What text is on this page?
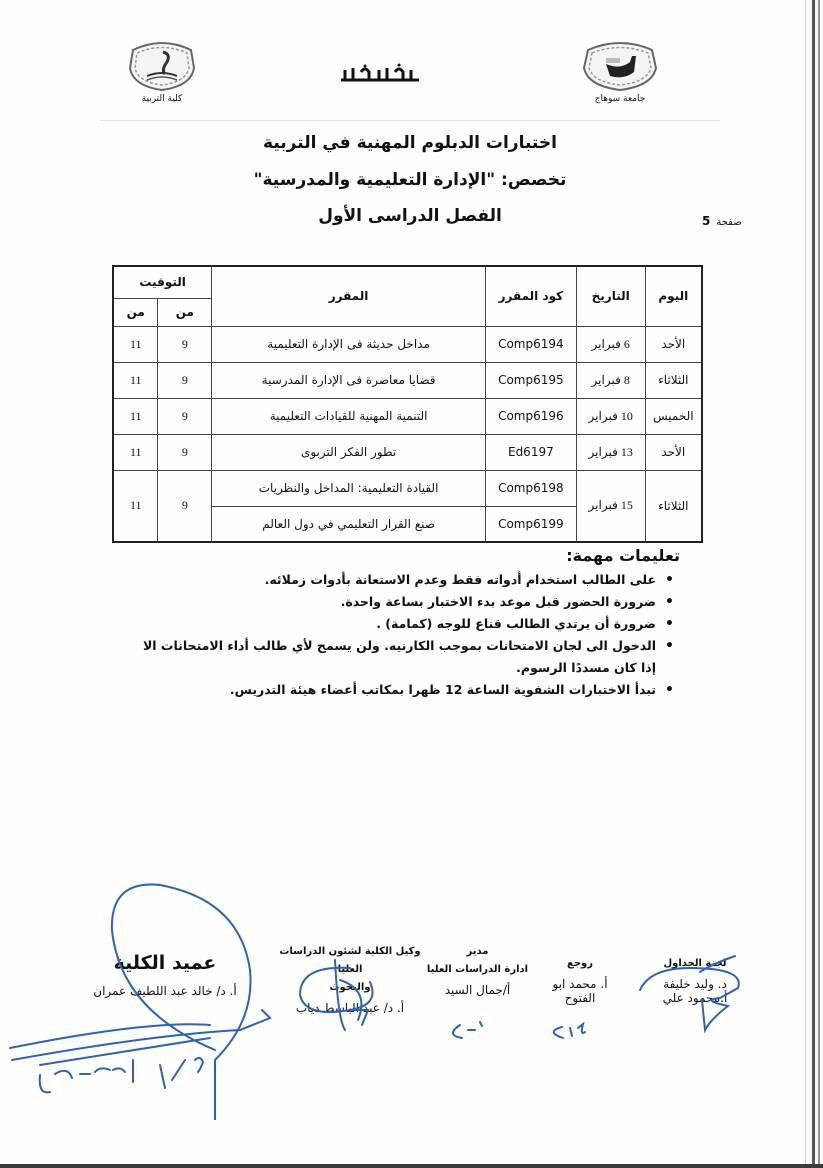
جامعة سوهاج
كلية التربية
اختبارات الدبلوم المهنية في التربية
تخصص: "الإدارة التعليمية والمدرسية"
الفصل الدراسى الأول	صفحة5
اليوم	التاريخ	كود المقرر	المقرر	التوقيت	
				من	من
الأحد	6 فبراير	Comp6194	مداخل حديثة فى الإدارة التعليمية	9	11
الثلاثاء	8 فبراير	Comp6195	قضايا معاصرة فى الإدارة المدرسية	9	11
الخميس	10 فبراير	Comp6196	التنمية المهنية للقيادات التعليمية	9	11
الأحد	13 فبراير	Ed6197	تطور الفكر التربوى	9	11
الثلاثاء	15 فبراير	Comp6198	القيادة التعليمية: المداخل والنظريات	9	11
		Comp6199	صنع القرار التعليمي في دول العالم		
تعليمات مهمة:
• على الطالب استخدام أدواته فقط وعدم الاستعانة بأدوات زملائه.
• ضرورة الحضور قبل موعد بدء الاختبار بساعة واحدة.
• ضرورة أن يرتدي الطالب قناع للوجه (كمامة) .
• الدخول الى لجان الامتحانات بموجب الكارنيه. ولن يسمح لأي طالب أداء الامتحانات الا إذا كان مسددًا الرسوم.
• تبدأ الاختبارات الشفوية الساعة 12 ظهرا بمكاتب أعضاء هيئة التدريس.
لجنة الجداول
د. وليد خليفة
أ.محمود علي
روجع
أ. محمد ابو
الفتوح
مدير
ادارة الدراسات العليا
أ/جمال السيد
وكيل الكلية لشئون الدراسات العليا
والبحوث
أ. د/ عبد الباسط دياب
عميد الكلية
أ. د/ خالد عبد اللطيف عمران
